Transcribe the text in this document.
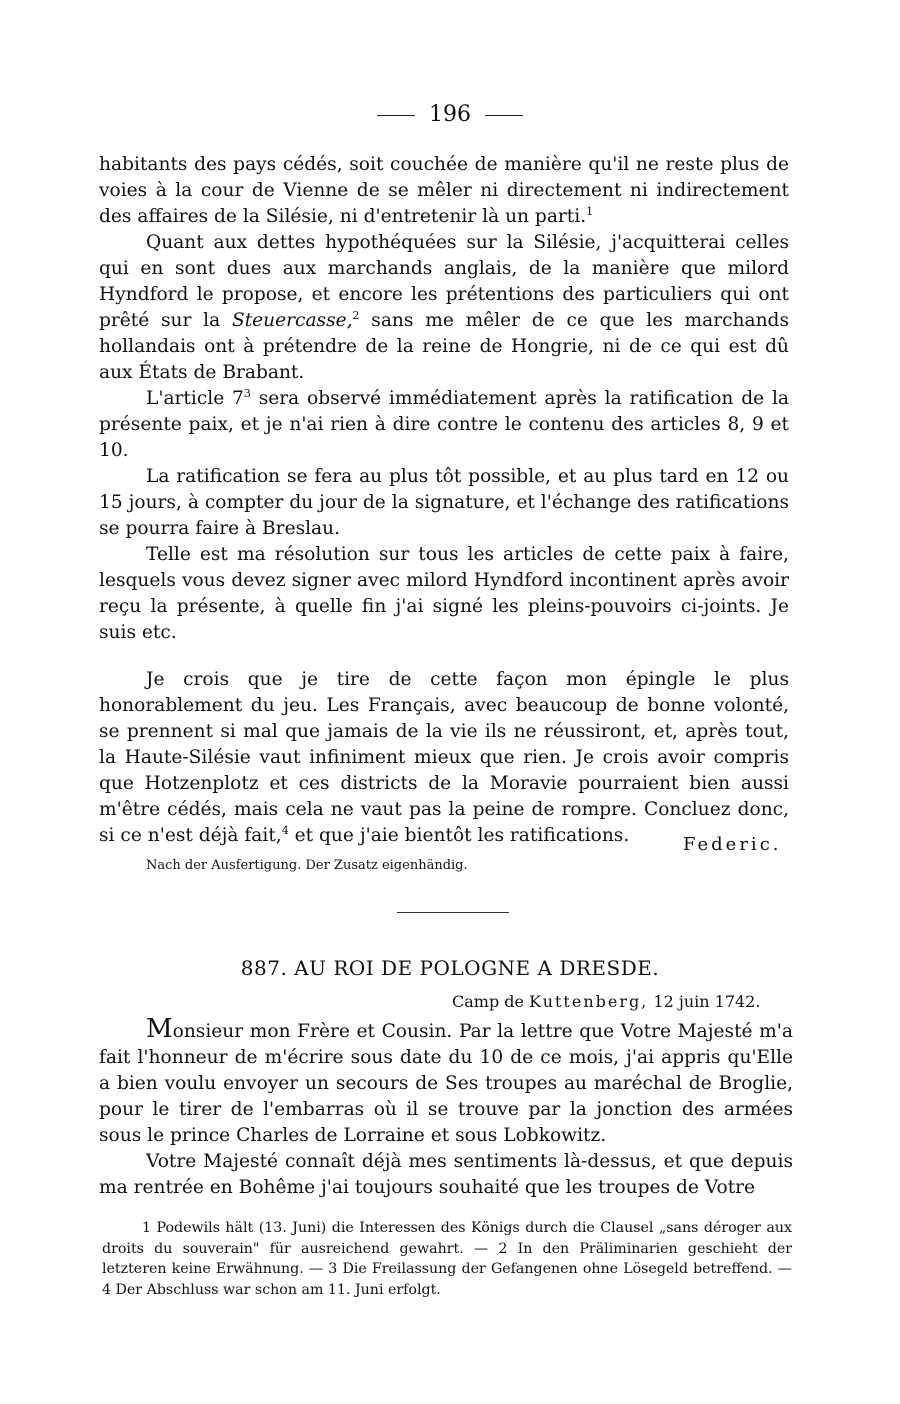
196

habitants des pays cédés, soit couchée de manière qu'il ne reste plus de voies à la cour de Vienne de se mêler ni directement ni indirectement des affaires de la Silésie, ni d'entretenir là un parti.$^1$

Quant aux dettes hypothéquées sur la Silésie, j'acquitterai celles qui en sont dues aux marchands anglais, de la manière que milord Hyndford le propose, et encore les prétentions des particuliers qui ont prêté sur la Steuercasse,$^2$ sans me mêler de ce que les marchands hollandais ont à prétendre de la reine de Hongrie, ni de ce qui est dû aux États de Brabant.

L'article 7$^3$ sera observé immédiatement après la ratification de la présente paix, et je n'ai rien à dire contre le contenu des articles 8, 9 et 10.

La ratification se fera au plus tôt possible, et au plus tard en 12 ou 15 jours, à compter du jour de la signature, et l'échange des ratifications se pourra faire à Breslau.

Telle est ma résolution sur tous les articles de cette paix à faire, lesquels vous devez signer avec milord Hyndford incontinent après avoir reçu la présente, à quelle fin j'ai signé les pleins-pouvoirs ci-joints. Je suis etc.

Je crois que je tire de cette façon mon épingle le plus honorablement du jeu. Les Français, avec beaucoup de bonne volonté, se prennent si mal que jamais de la vie ils ne réussiront, et, après tout, la Haute-Silésie vaut infiniment mieux que rien. Je crois avoir compris que Hotzenplotz et ces districts de la Moravie pourraient bien aussi m'être cédés, mais cela ne vaut pas la peine de rompre. Concluez donc, si ce n'est déjà fait,$^4$ et que j'aie bientôt les ratifications.	Federic.
Nach der Ausfertigung. Der Zusatz eigenhändig.
887. AU ROI DE POLOGNE A DRESDE.
Camp de Kuttenberg, 12 juin 1742.

Monsieur mon Frère et Cousin. Par la lettre que Votre Majesté m'a fait l'honneur de m'écrire sous date du 10 de ce mois, j'ai appris qu'Elle a bien voulu envoyer un secours de Ses troupes au maréchal de Broglie, pour le tirer de l'embarras où il se trouve par la jonction des armées sous le prince Charles de Lorraine et sous Lobkowitz.

Votre Majesté connaît déjà mes sentiments là-dessus, et que depuis ma rentrée en Bohême j'ai toujours souhaité que les troupes de Votre

1 Podewils hält (13. Juni) die Interessen des Königs durch die Clausel „sans déroger aux droits du souverain" für ausreichend gewahrt. — 2 In den Präliminarien geschieht der letzteren keine Erwähnung. — 3 Die Freilassung der Gefangenen ohne Lösegeld betreffend. — 4 Der Abschluss war schon am 11. Juni erfolgt.
